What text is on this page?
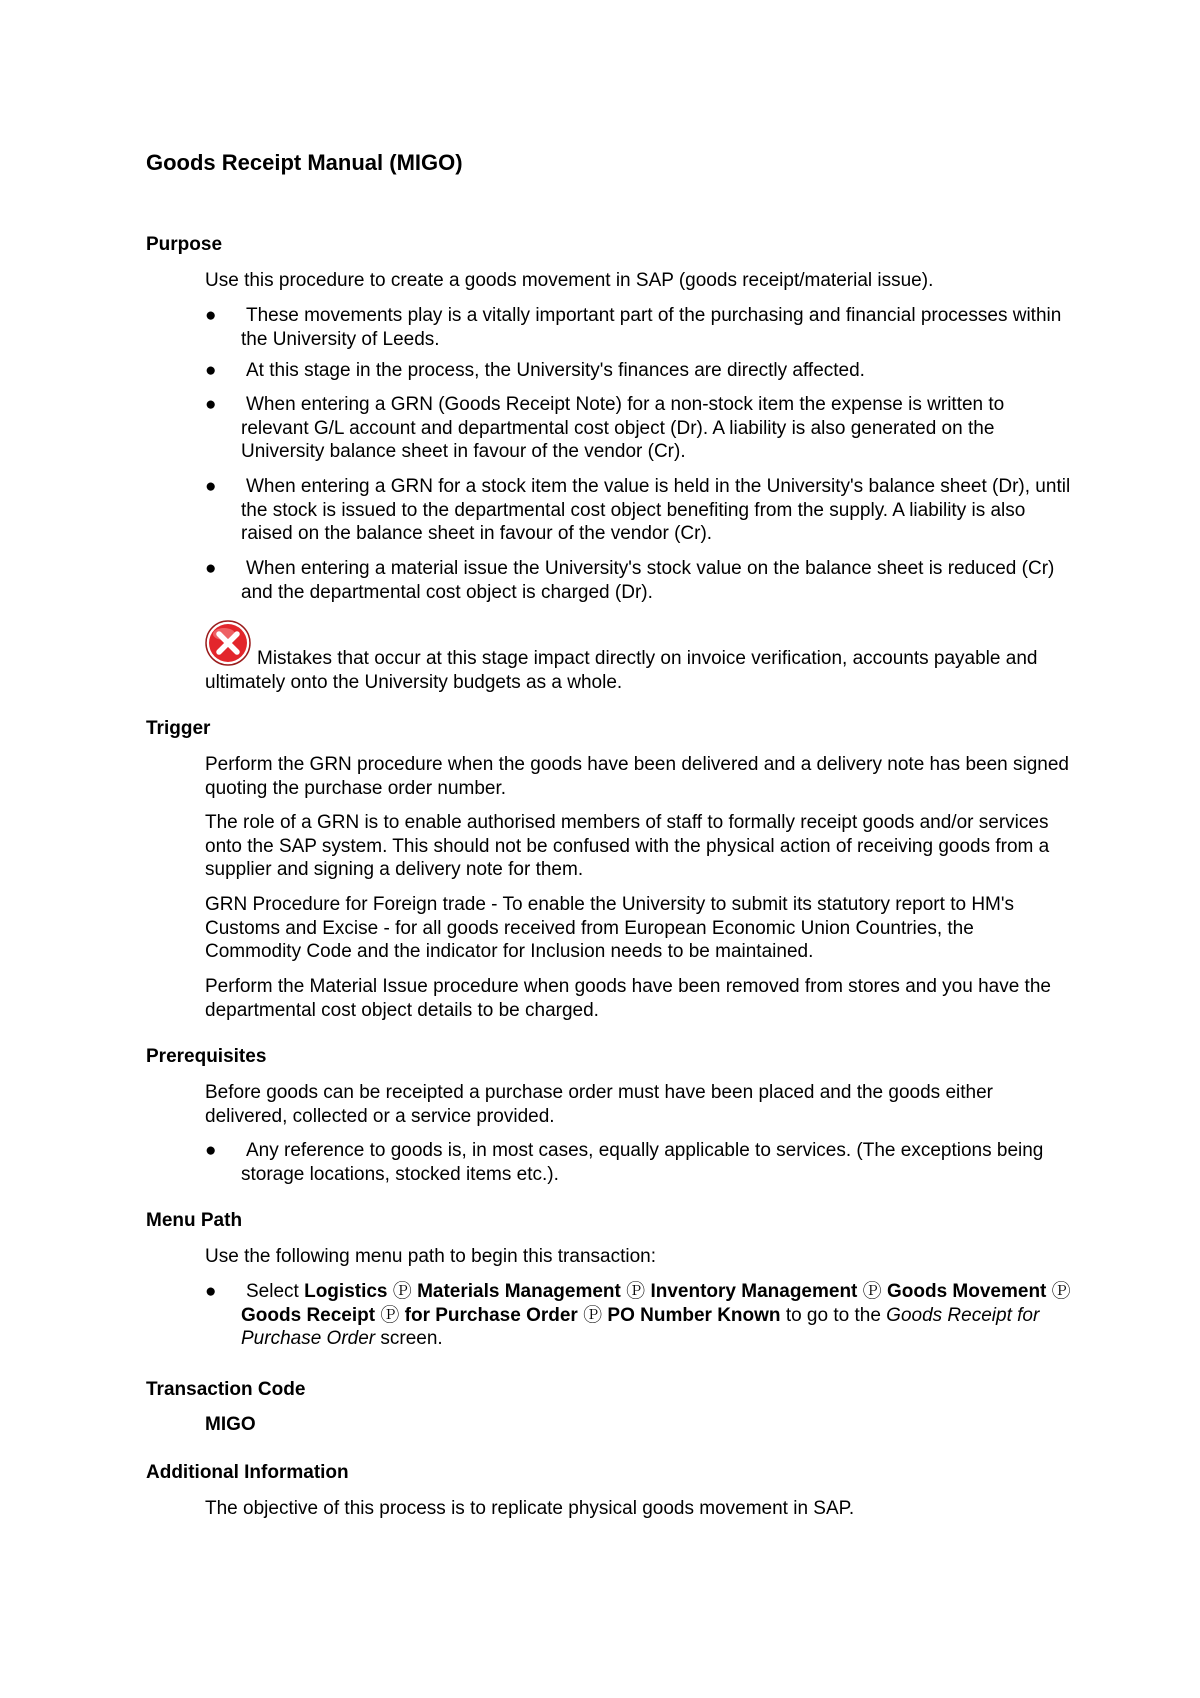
Goods Receipt Manual (MIGO)
Purpose
Use this procedure to create a goods movement in SAP (goods receipt/material issue).
●	These movements play is a vitally important part of the purchasing and financial processes within the University of Leeds.
●	At this stage in the process, the University's finances are directly affected.
●	When entering a GRN (Goods Receipt Note) for a non-stock item the expense is written to relevant G/L account and departmental cost object (Dr). A liability is also generated on the University balance sheet in favour of the vendor (Cr).
●	When entering a GRN for a stock item the value is held in the University's balance sheet (Dr), until the stock is issued to the departmental cost object benefiting from the supply. A liability is also raised on the balance sheet in favour of the vendor (Cr).
●	When entering a material issue the University's stock value on the balance sheet is reduced (Cr) and the departmental cost object is charged (Dr).
Mistakes that occur at this stage impact directly on invoice verification, accounts payable and ultimately onto the University budgets as a whole.
Trigger
Perform the GRN procedure when the goods have been delivered and a delivery note has been signed quoting the purchase order number.
The role of a GRN is to enable authorised members of staff to formally receipt goods and/or services onto the SAP system. This should not be confused with the physical action of receiving goods from a supplier and signing a delivery note for them.
GRN Procedure for Foreign trade - To enable the University to submit its statutory report to HM's Customs and Excise - for all goods received from European Economic Union Countries, the Commodity Code and the indicator for Inclusion needs to be maintained.
Perform the Material Issue procedure when goods have been removed from stores and you have the departmental cost object details to be charged.
Prerequisites
Before goods can be receipted a purchase order must have been placed and the goods either delivered, collected or a service provided.
●	Any reference to goods is, in most cases, equally applicable to services. (The exceptions being storage locations, stocked items etc.).
Menu Path
Use the following menu path to begin this transaction:
●	Select Logistics Ⓟ Materials Management Ⓟ Inventory Management Ⓟ Goods Movement Ⓟ Goods Receipt Ⓟ for Purchase Order Ⓟ PO Number Known to go to the Goods Receipt for Purchase Order screen.
Transaction Code
MIGO
Additional Information
The objective of this process is to replicate physical goods movement in SAP.
